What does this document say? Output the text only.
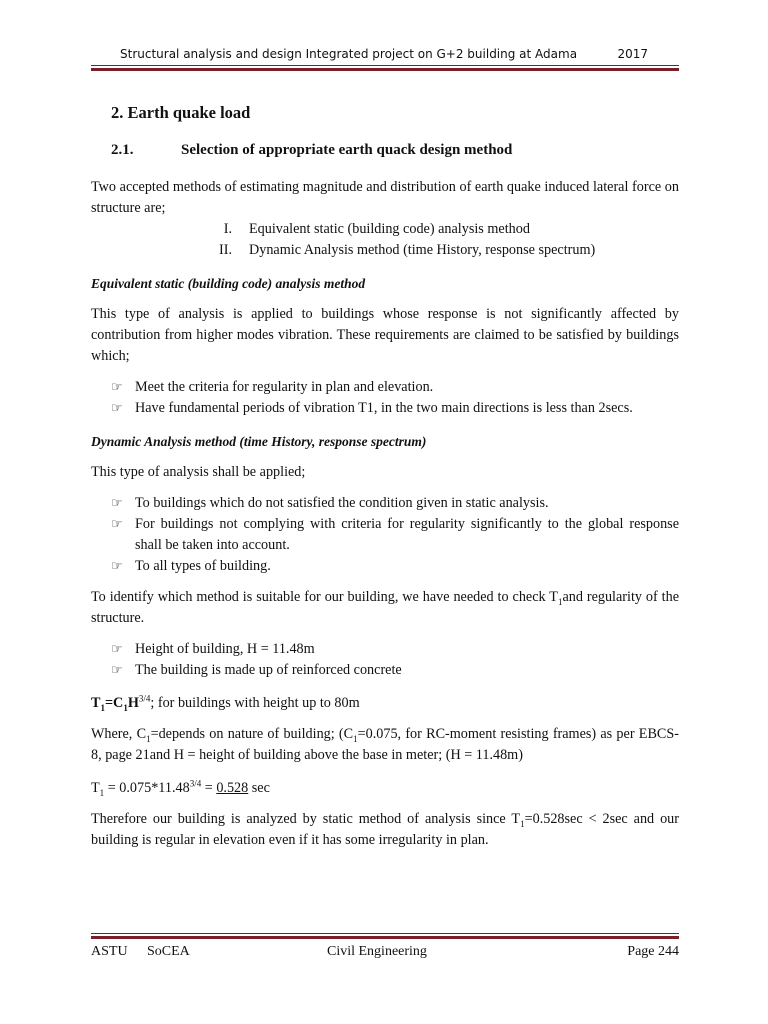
Structural analysis and design Integrated project on G+2 building at Adama	2017
2. Earth quake load
2.1.	Selection of appropriate earth quack design method

Two accepted methods of estimating magnitude and distribution of earth quake induced lateral force on structure are;

I. Equivalent static (building code) analysis method
II. Dynamic Analysis method (time History, response spectrum)
Equivalent static (building code) analysis method

This type of analysis is applied to buildings whose response is not significantly affected by contribution from higher modes vibration. These requirements are claimed to be satisfied by buildings which;

☞ Meet the criteria for regularity in plan and elevation.
☞ Have fundamental periods of vibration T1, in the two main directions is less than 2secs.
Dynamic Analysis method (time History, response spectrum)

This type of analysis shall be applied;

☞ To buildings which do not satisfied the condition given in static analysis.
☞ For buildings not complying with criteria for regularity significantly to the global response shall be taken into account.
☞ To all types of building.

To identify which method is suitable for our building, we have needed to check $T_1and$ regularity of the structure.

☞ Height of building, H = 11.48m
☞ The building is made up of reinforced concrete

$T_1=C_1H^{3/4}$; for buildings with height up to 80m

Where, $C_1=depends$ on nature of building; ($C_1=0.075$, for RC-moment resisting frames) as per EBCS-8, page 21and H = height of building above the base in meter; (H = 11.48m)

$T_1 = 0.075*11.48^{3/4} = 0.528$ sec

Therefore our building is analyzed by static method of analysis since $T_1=0.528\sec < 2\sec$ and our building is regular in elevation even if it has some irregularity in plan.

ASTU SoCEA	Civil Engineering	Page 244
